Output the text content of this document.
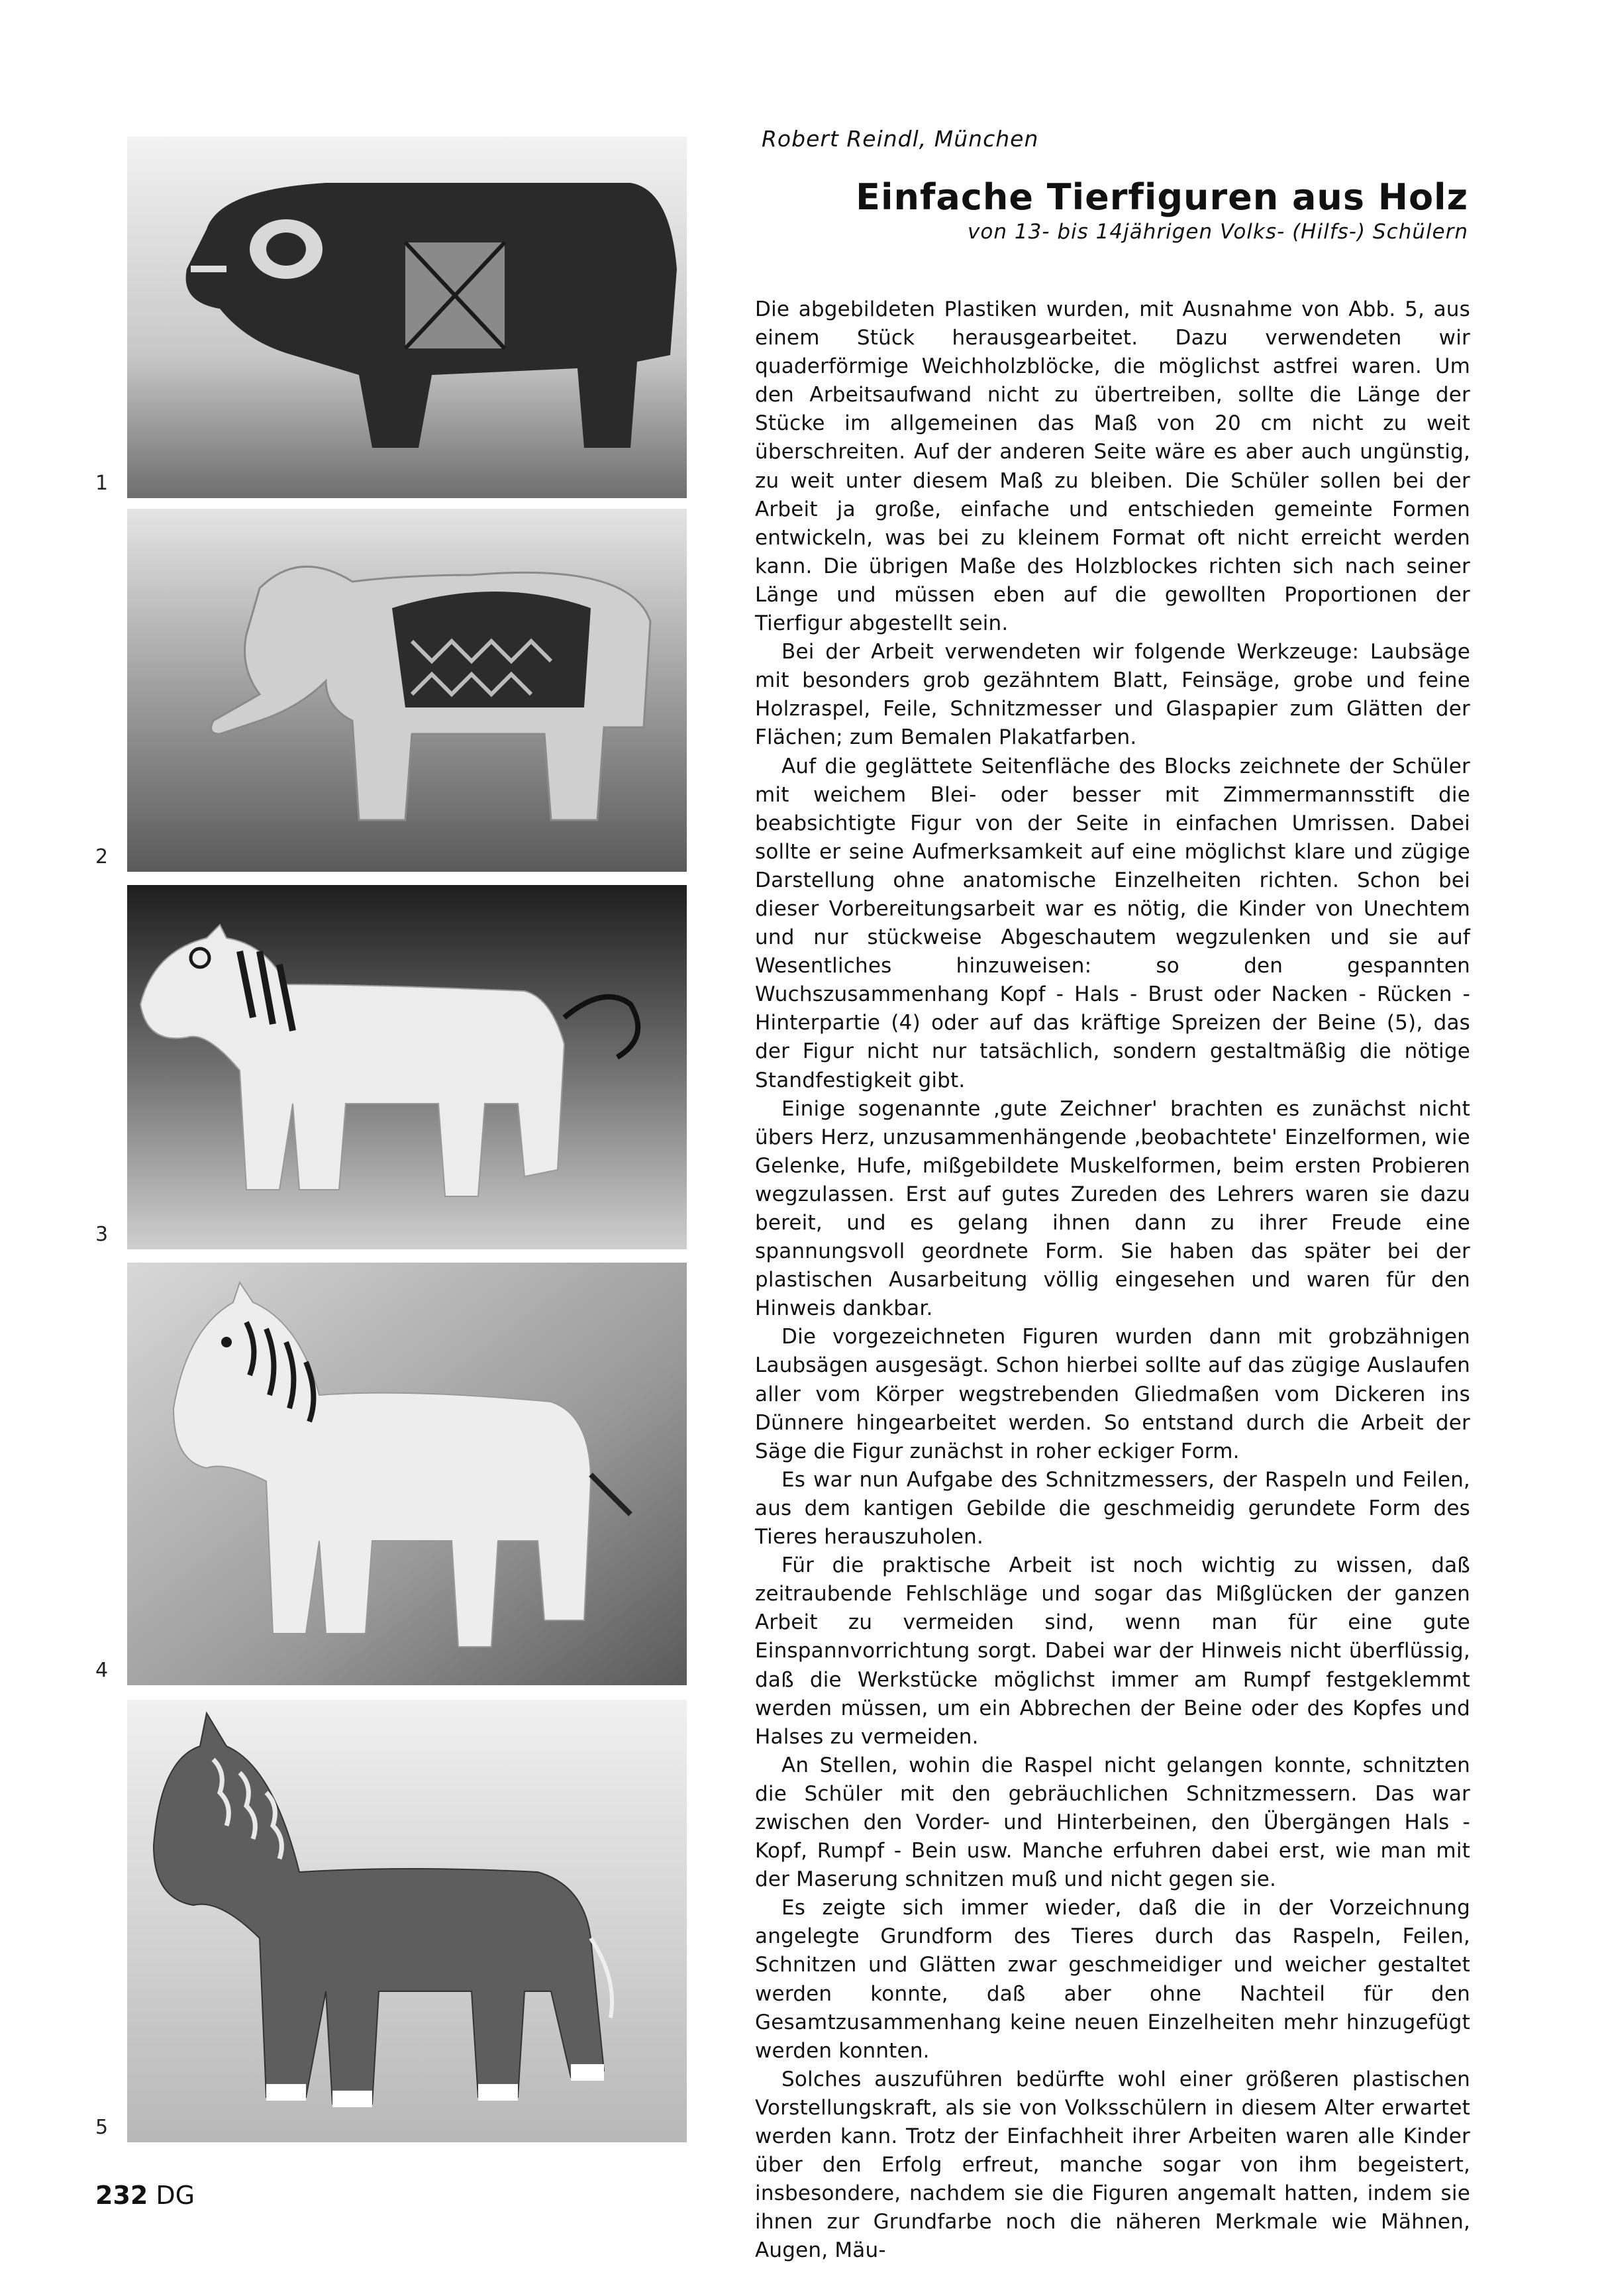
1
2
3
4
5
Robert Reindl, München
Einfache Tierfiguren aus Holz
von 13- bis 14jährigen Volks- (Hilfs-) Schülern

Die abgebildeten Plastiken wurden, mit Ausnahme von Abb. 5, aus einem Stück herausgearbeitet. Dazu verwendeten wir quaderförmige Weichholzblöcke, die möglichst astfrei waren. Um den Arbeitsaufwand nicht zu übertreiben, sollte die Länge der Stücke im allgemeinen das Maß von 20 cm nicht zu weit überschreiten. Auf der anderen Seite wäre es aber auch ungünstig, zu weit unter diesem Maß zu bleiben. Die Schüler sollen bei der Arbeit ja große, einfache und entschieden gemeinte Formen entwickeln, was bei zu kleinem Format oft nicht erreicht werden kann. Die übrigen Maße des Holzblockes richten sich nach seiner Länge und müssen eben auf die gewollten Proportionen der Tierfigur abgestellt sein.

Bei der Arbeit verwendeten wir folgende Werkzeuge: Laubsäge mit besonders grob gezähntem Blatt, Feinsäge, grobe und feine Holzraspel, Feile, Schnitzmesser und Glaspapier zum Glätten der Flächen; zum Bemalen Plakatfarben.

Auf die geglättete Seitenfläche des Blocks zeichnete der Schüler mit weichem Blei- oder besser mit Zimmermannsstift die beabsichtigte Figur von der Seite in einfachen Umrissen. Dabei sollte er seine Aufmerksamkeit auf eine möglichst klare und zügige Darstellung ohne anatomische Einzelheiten richten. Schon bei dieser Vorbereitungsarbeit war es nötig, die Kinder von Unechtem und nur stückweise Abgeschautem wegzulenken und sie auf Wesentliches hinzuweisen: so den gespannten Wuchszusammenhang Kopf - Hals - Brust oder Nacken - Rücken - Hinterpartie (4) oder auf das kräftige Spreizen der Beine (5), das der Figur nicht nur tatsächlich, sondern gestaltmäßig die nötige Standfestigkeit gibt.

Einige sogenannte ‚gute Zeichner' brachten es zunächst nicht übers Herz, unzusammenhängende ‚beobachtete' Einzelformen, wie Gelenke, Hufe, mißgebildete Muskelformen, beim ersten Probieren wegzulassen. Erst auf gutes Zureden des Lehrers waren sie dazu bereit, und es gelang ihnen dann zu ihrer Freude eine spannungsvoll geordnete Form. Sie haben das später bei der plastischen Ausarbeitung völlig eingesehen und waren für den Hinweis dankbar.

Die vorgezeichneten Figuren wurden dann mit grobzähnigen Laubsägen ausgesägt. Schon hierbei sollte auf das zügige Auslaufen aller vom Körper wegstrebenden Gliedmaßen vom Dickeren ins Dünnere hingearbeitet werden. So entstand durch die Arbeit der Säge die Figur zunächst in roher eckiger Form.

Es war nun Aufgabe des Schnitzmessers, der Raspeln und Feilen, aus dem kantigen Gebilde die geschmeidig gerundete Form des Tieres herauszuholen.

Für die praktische Arbeit ist noch wichtig zu wissen, daß zeitraubende Fehlschläge und sogar das Mißglücken der ganzen Arbeit zu vermeiden sind, wenn man für eine gute Einspannvorrichtung sorgt. Dabei war der Hinweis nicht überflüssig, daß die Werkstücke möglichst immer am Rumpf festgeklemmt werden müssen, um ein Abbrechen der Beine oder des Kopfes und Halses zu vermeiden.

An Stellen, wohin die Raspel nicht gelangen konnte, schnitzten die Schüler mit den gebräuchlichen Schnitzmessern. Das war zwischen den Vorder- und Hinterbeinen, den Übergängen Hals - Kopf, Rumpf - Bein usw. Manche erfuhren dabei erst, wie man mit der Maserung schnitzen muß und nicht gegen sie.

Es zeigte sich immer wieder, daß die in der Vorzeichnung angelegte Grundform des Tieres durch das Raspeln, Feilen, Schnitzen und Glätten zwar geschmeidiger und weicher gestaltet werden konnte, daß aber ohne Nachteil für den Gesamtzusammenhang keine neuen Einzelheiten mehr hinzugefügt werden konnten.

Solches auszuführen bedürfte wohl einer größeren plastischen Vorstellungskraft, als sie von Volksschülern in diesem Alter erwartet werden kann. Trotz der Einfachheit ihrer Arbeiten waren alle Kinder über den Erfolg erfreut, manche sogar von ihm begeistert, insbesondere, nachdem sie die Figuren angemalt hatten, indem sie ihnen zur Grundfarbe noch die näheren Merkmale wie Mähnen, Augen, Mäu-

232 DG
